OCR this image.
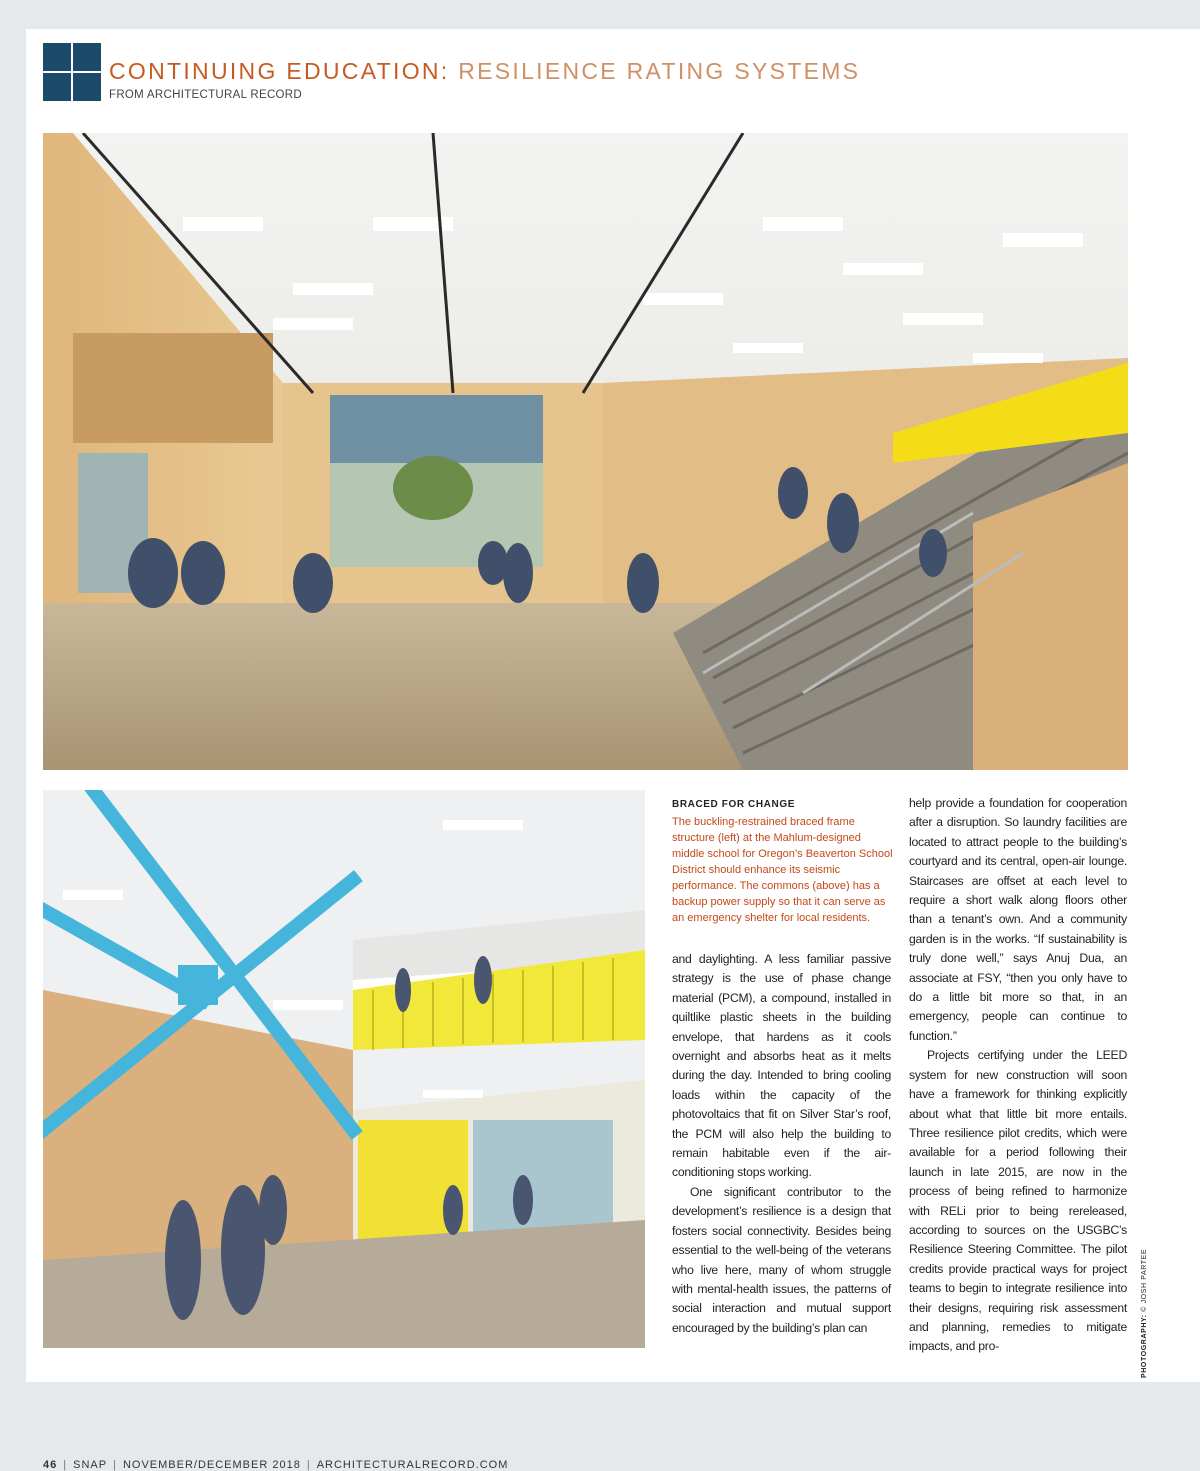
CONTINUING EDUCATION: RESILIENCE RATING SYSTEMS
FROM ARCHITECTURAL RECORD
BRACED FOR CHANGE
The buckling-restrained braced frame structure (left) at the Mahlum-designed middle school for Oregon’s Beaverton School District should enhance its seismic performance. The commons (above) has a backup power supply so that it can serve as an emergency shelter for local residents.

and daylighting. A less familiar passive strategy is the use of phase change material (PCM), a compound, installed in quiltlike plastic sheets in the building envelope, that hardens as it cools overnight and absorbs heat as it melts during the day. Intended to bring cooling loads within the capacity of the photovoltaics that fit on Silver Star’s roof, the PCM will also help the building to remain habitable even if the air-conditioning stops working.

One significant contributor to the development’s resilience is a design that fosters social connectivity. Besides being essential to the well-being of the veterans who live here, many of whom struggle with mental-health issues, the patterns of social interaction and mutual support encouraged by the building’s plan can

help provide a foundation for cooperation after a disruption. So laundry facilities are located to attract people to the building’s courtyard and its central, open-air lounge. Staircases are offset at each level to require a short walk along floors other than a tenant’s own. And a community garden is in the works. “If sustainability is truly done well,” says Anuj Dua, an associate at FSY, “then you only have to do a little bit more so that, in an emergency, people can continue to function.”

Projects certifying under the LEED system for new construction will soon have a framework for thinking explicitly about what that little bit more entails. Three resilience pilot credits, which were available for a period following their launch in late 2015, are now in the process of being refined to harmonize with RELi prior to being rereleased, according to sources on the USGBC’s Resilience Steering Committee. The pilot credits provide practical ways for project teams to begin to integrate resilience into their designs, requiring risk assessment and planning, remedies to mitigate impacts, and pro-	PHOTOGRAPHY: © JOSH PARTEE
46 | SNAP | NOVEMBER/DECEMBER 2018 | ARCHITECTURALRECORD.COM
